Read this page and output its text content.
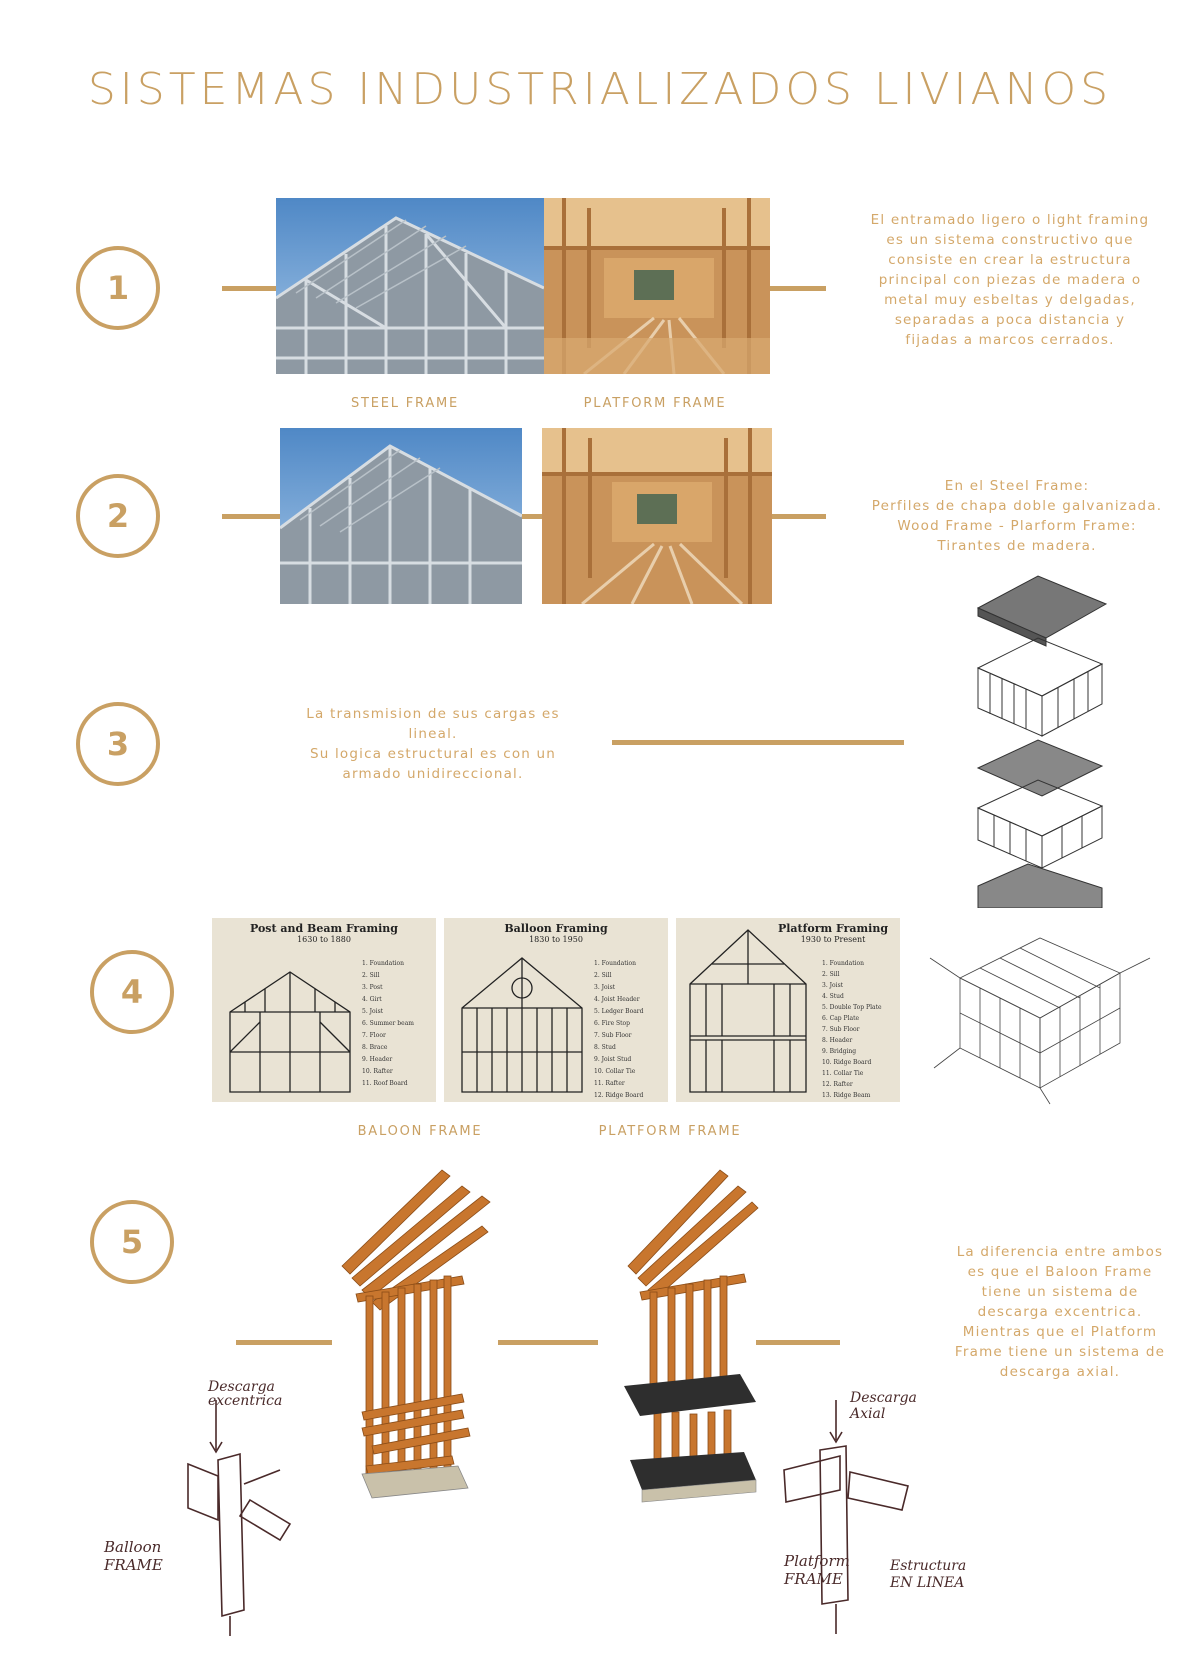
SISTEMAS INDUSTRIALIZADOS LIVIANOS
1
El entramado ligero o light framing es un sistema constructivo que consiste en crear la estructura principal con piezas de madera o metal muy esbeltas y delgadas, separadas a poca distancia y fijadas a marcos cerrados.
STEEL FRAME	PLATFORM FRAME
2
En el Steel Frame:
Perfiles de chapa doble galvanizada.
Wood Frame - Plarform Frame:
Tirantes de madera.
3
La transmision de sus cargas es
lineal.
Su logica estructural es con un
armado unidireccional.
4
Post and Beam Framing
1630 to 1880
1. Foundation
2. Sill
3. Post
4. Girt
5. Joist
6. Summer beam
7. Floor
8. Brace
9. Header
10. Rafter
11. Roof Board
Balloon Framing
1830 to 1950
1. Foundation
2. Sill
3. Joist
4. Joist Header
5. Ledger Board
6. Fire Stop
7. Sub Floor
8. Stud
9. Joist Stud
10. Collar Tie
11. Rafter
12. Ridge Board
Platform Framing
1930 to Present
1. Foundation
2. Sill
3. Joist
4. Stud
5. Double Top Plate
6. Cap Plate
7. Sub Floor
8. Header
9. Bridging
10. Ridge Board
11. Collar Tie
12. Rafter
13. Ridge Beam
BALOON FRAME	PLATFORM FRAME
5	La diferencia entre ambos
es que el Baloon Frame
tiene un sistema de
descarga excentrica.
Mientras que el Platform
Frame tiene un sistema de
descarga axial.
Descarga excentrica
Balloon FRAME
Descarga Axial
Platform FRAME
Estructura EN LINEA
